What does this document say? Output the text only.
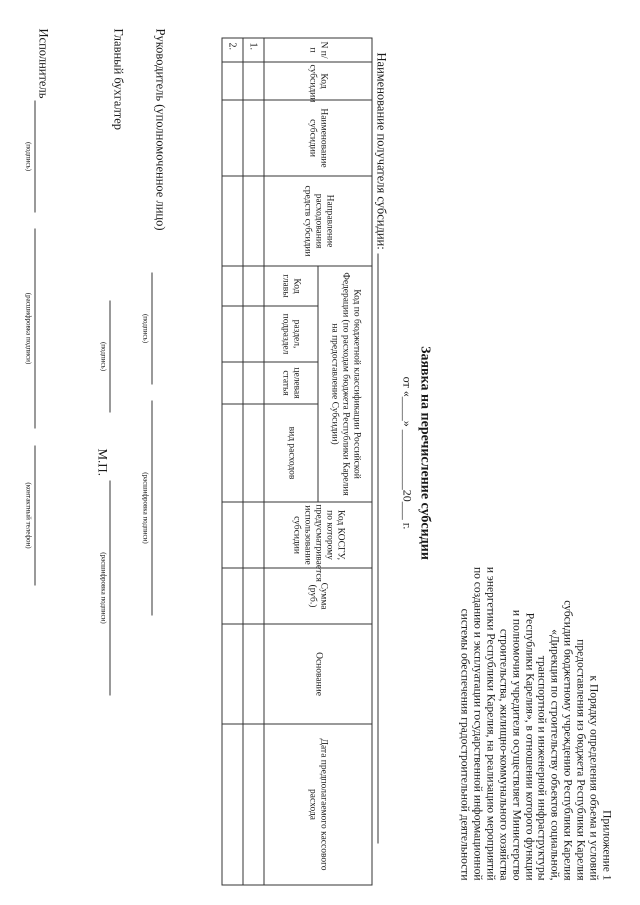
Приложение 1
к Порядку определения объема и условий
предоставления из бюджета Республики Карелия
субсидии бюджетному учреждению Республики Карелия
«Дирекция по строительству объектов социальной,
транспортной и инженерной инфраструктуры
Республики Карелия», в отношении которого функции
и полномочия учредителя осуществляет Министерство
строительства, жилищно-коммунального хозяйства
и энергетики Республики Карелия, на реализацию мероприятий
по созданию и эксплуатации государственной информационной
системы обеспечения градостроительной деятельности
Заявка на перечисление субсидии
от «____» __________20___ г.
Наименование получателя субсидии:
N п/п	Код субсидии	Наименование субсидии	Направление расходования средств субсидии	Код по бюджетной классификации Российской Федерации (по расходам бюджета Республики Карелия на предоставление Субсидии)				Код КОСГУ, по которому предусматривается использование субсидии	Сумма (руб.)	Основание	Дата предполагаемого кассового расхода
				Код главы	раздел, подраздел	целевая статья	вид расходов				
1.											
2.											
Руководитель (уполномоченное лицо)
(подпись)
(расшифровка подписи)
Главный бухгалтер
(подпись)
(расшифровка подписи)
М.П.
Исполнитель
(подпись)
(расшифровка подписи)
(контактный телефон)
